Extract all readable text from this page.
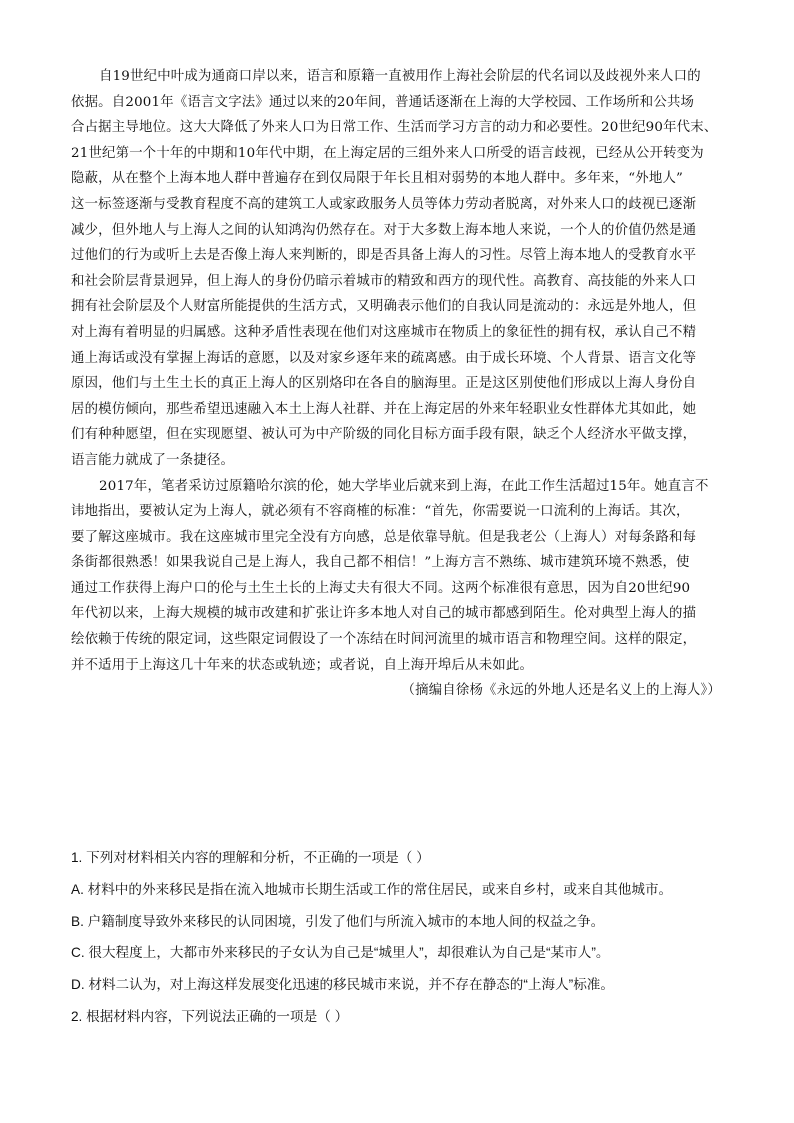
自19世纪中叶成为通商口岸以来，语言和原籍一直被用作上海社会阶层的代名词以及歧视外来人口的
依据。自2001年《语言文字法》通过以来的20年间，普通话逐渐在上海的大学校园、工作场所和公共场
合占据主导地位。这大大降低了外来人口为日常工作、生活而学习方言的动力和必要性。20世纪90年代末、
21世纪第一个十年的中期和10年代中期，在上海定居的三组外来人口所受的语言歧视，已经从公开转变为
隐蔽，从在整个上海本地人群中普遍存在到仅局限于年长且相对弱势的本地人群中。多年来，“外地人”
这一标签逐渐与受教育程度不高的建筑工人或家政服务人员等体力劳动者脱离，对外来人口的歧视已逐渐
减少，但外地人与上海人之间的认知鸿沟仍然存在。对于大多数上海本地人来说，一个人的价值仍然是通
过他们的行为或听上去是否像上海人来判断的，即是否具备上海人的习性。尽管上海本地人的受教育水平
和社会阶层背景迥异，但上海人的身份仍暗示着城市的精致和西方的现代性。高教育、高技能的外来人口
拥有社会阶层及个人财富所能提供的生活方式，又明确表示他们的自我认同是流动的：永远是外地人，但
对上海有着明显的归属感。这种矛盾性表现在他们对这座城市在物质上的象征性的拥有权，承认自己不精
通上海话或没有掌握上海话的意愿，以及对家乡逐年来的疏离感。由于成长环境、个人背景、语言文化等
原因，他们与土生土长的真正上海人的区别烙印在各自的脑海里。正是这区别使他们形成以上海人身份自
居的模仿倾向，那些希望迅速融入本土上海人社群、并在上海定居的外来年轻职业女性群体尤其如此，她
们有种种愿望，但在实现愿望、被认可为中产阶级的同化目标方面手段有限，缺乏个人经济水平做支撑，
语言能力就成了一条捷径。
2017年，笔者采访过原籍哈尔滨的伦，她大学毕业后就来到上海，在此工作生活超过15年。她直言不
讳地指出，要被认定为上海人，就必须有不容商榷的标准：“首先，你需要说一口流利的上海话。其次，
要了解这座城市。我在这座城市里完全没有方向感，总是依靠导航。但是我老公（上海人）对每条路和每
条街都很熟悉！如果我说自己是上海人，我自己都不相信！”上海方言不熟练、城市建筑环境不熟悉，使
通过工作获得上海户口的伦与土生土长的上海丈夫有很大不同。这两个标准很有意思，因为自20世纪90
年代初以来，上海大规模的城市改建和扩张让许多本地人对自己的城市都感到陌生。伦对典型上海人的描
绘依赖于传统的限定词，这些限定词假设了一个冻结在时间河流里的城市语言和物理空间。这样的限定，
并不适用于上海这几十年来的状态或轨迹；或者说，自上海开埠后从未如此。
（摘编自徐杨《永远的外地人还是名义上的上海人》）
1. 下列对材料相关内容的理解和分析，不正确的一项是（ ）
A. 材料中的外来移民是指在流入地城市长期生活或工作的常住居民，或来自乡村，或来自其他城市。
B. 户籍制度导致外来移民的认同困境，引发了他们与所流入城市的本地人间的权益之争。
C. 很大程度上，大都市外来移民的子女认为自己是“城里人”，却很难认为自己是“某市人”。
D. 材料二认为，对上海这样发展变化迅速的移民城市来说，并不存在静态的“上海人”标准。
2. 根据材料内容，下列说法正确的一项是（ ）
